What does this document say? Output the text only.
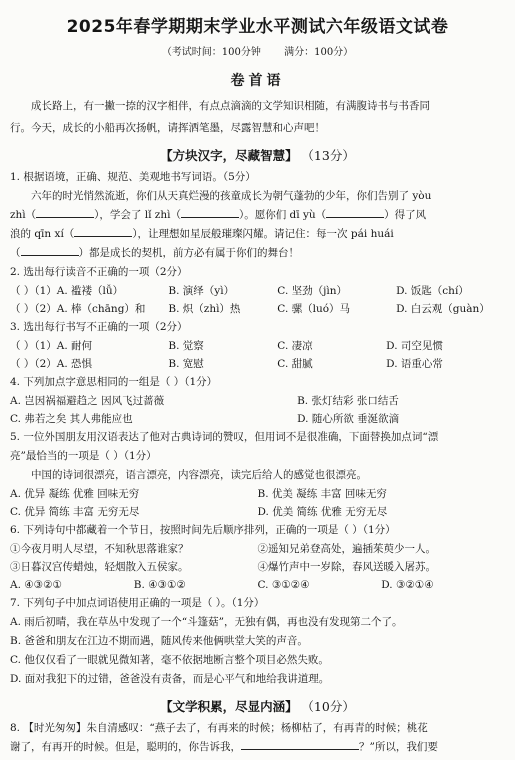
2025年春学期期末学业水平测试六年级语文试卷
（考试时间：100分钟 满分：100分）
卷首语
成长路上，有一撇一捺的汉字相伴，有点点滴滴的文学知识相随，有满腹诗书与书香同
行。今天，成长的小船再次扬帆，请挥洒笔墨，尽露智慧和心声吧！
【方块汉字，尽藏智慧】 （13分）
1. 根据语境，正确、规范、美观地书写词语。（5分）
六年的时光悄然流逝，你们从天真烂漫的孩童成长为朝气蓬勃的少年，你们告别了 yòu
zhì（	），学会了 lǐ zhì（	）。愿你们 dī yù（	）得了风
浪的 qīn xí（	），让理想如星辰般璀璨闪耀。请记住：每一次 pái huái
（	）都是成长的契机，前方必有属于你们的舞台！
2. 选出每行读音不正确的一项（2分）
（ ）（1）A. 褴褛（lǚ）	B. 演绎（yì）	C. 坚劲（jìn）	D. 饭匙（chí）
（ ）（2）A. 棒（chāng）和	B. 炽（zhì）热	C. 骡（luó）马	D. 白云观（guàn）
3. 选出每行书写不正确的一项（2分）
（ ）（1）A. 耐何	B. 觉察	C. 凄凉	D. 司空见惯
（ ）（2）A. 恐惧	B. 宽慰	C. 甜腻	D. 语重心常
4. 下列加点字意思相同的一组是（ ）（1分）
A. 岂因祸福避趋之 因风飞过蔷薇	B. 张灯结彩 张口结舌
C. 弗若之矣 其人弗能应也	D. 随心所欲 垂涎欲滴
5. 一位外国朋友用汉语表达了他对古典诗词的赞叹，但用词不是很准确，下面替换加点词“漂
亮”最恰当的一项是（ ）（1分）
中国的诗词很漂亮，语言漂亮，内容漂亮，读完后给人的感觉也很漂亮。
A. 优异 凝练 优雅 回味无穷	B. 优美 凝练 丰富 回味无穷
C. 优异 简练 丰富 无穷无尽	D. 优美 简练 优雅 无穷无尽
6. 下列诗句中都藏着一个节日，按照时间先后顺序排列，正确的一项是（ ）（1分）
①今夜月明人尽望，不知秋思落谁家？	②遥知兄弟登高处，遍插茱萸少一人。
③日暮汉宫传蜡烛，轻烟散入五侯家。	④爆竹声中一岁除，春风送暖入屠苏。
A. ④③②①	B. ④③①②	C. ③①②④	D. ③②①④
7. 下列句子中加点词语使用正确的一项是（ ）。（1分）
A. 雨后初晴，我在草丛中发现了一个“斗篷菇”，无独有偶，再也没有发现第二个了。
B. 爸爸和朋友在江边不期而遇，随风传来他俩哄堂大笑的声音。
C. 他仅仅看了一眼就见微知著，毫不依据地断言整个项目必然失败。
D. 面对我犯下的过错，爸爸没有责备，而是心平气和地给我讲道理。
【文学积累，尽显内涵】 （10分）
8. 【时光匆匆】朱自清感叹：“燕子去了，有再来的时候；杨柳枯了，有再青的时候；桃花
谢了，有再开的时候。但是，聪明的，你告诉我，	？”所以，我们要
